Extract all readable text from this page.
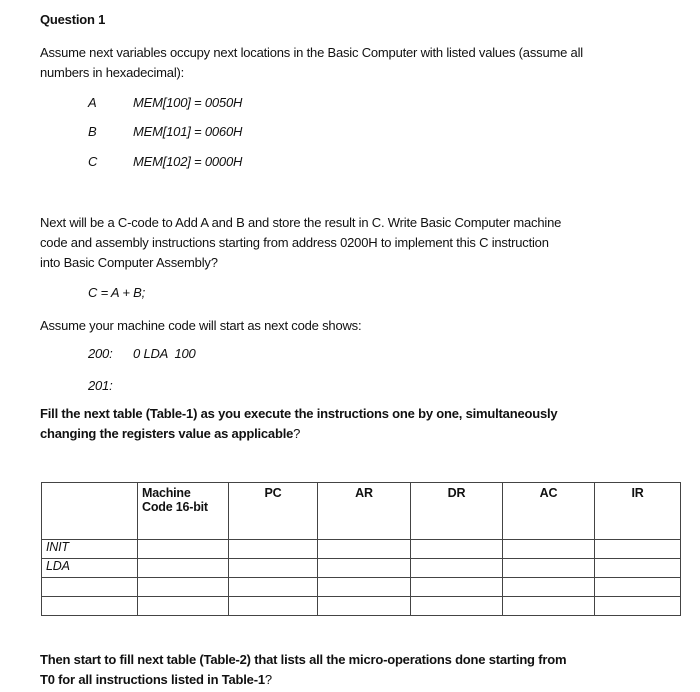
Question 1
Assume next variables occupy next locations in the Basic Computer with listed values (assume all
numbers in hexadecimal):
A	MEM[100] = 0050H
B	MEM[101] = 0060H
C	MEM[102] = 0000H
Next will be a C-code to Add A and B and store the result in C. Write Basic Computer machine
code and assembly instructions starting from address 0200H to implement this C instruction
into Basic Computer Assembly?
C = A + B;
Assume your machine code will start as next code shows:
200: 0 LDA  100
201:
Fill the next table (Table-1) as you execute the instructions one by one, simultaneously
changing the registers value as applicable?
	Machine Code 16-bit	PC	AR	DR	AC	IR
INIT						
LDA						

Then start to fill next table (Table-2) that lists all the micro-operations done starting from
T0 for all instructions listed in Table-1?
